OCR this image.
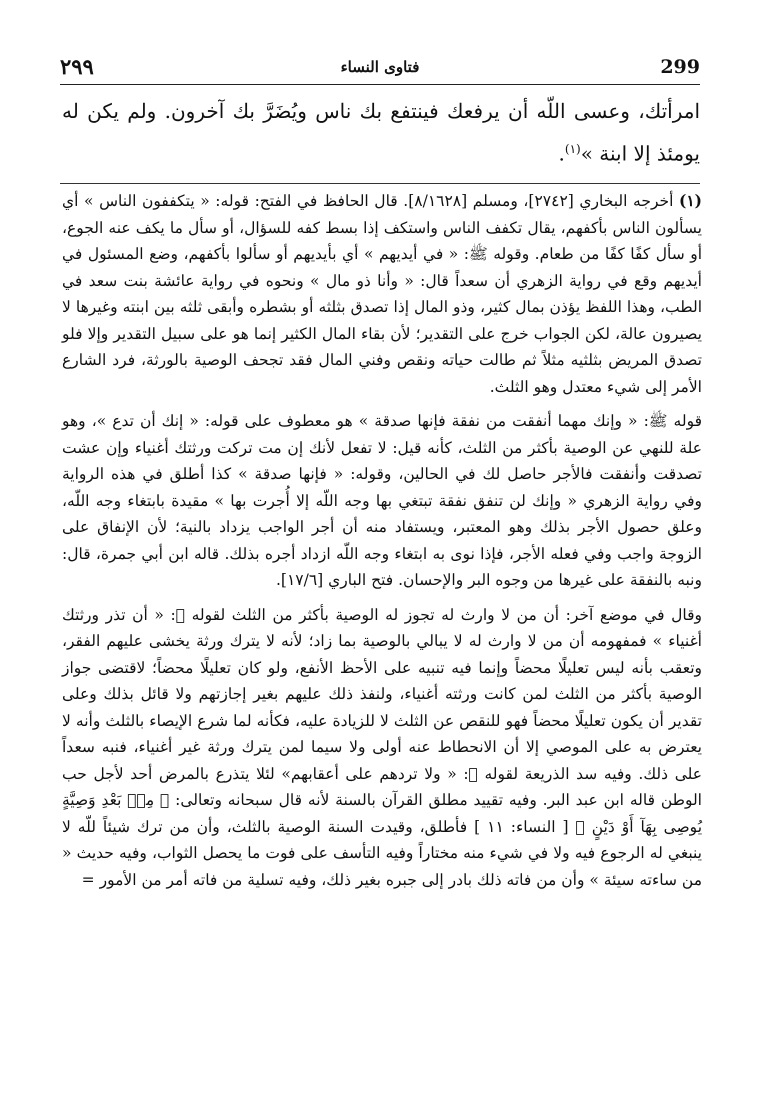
299
فتاوى النساء
٢٩٩

امرأتك، وعسى اللّه أن يرفعك فينتفع بك ناس ويُضَرَّ بك آخرون. ولم يكن له يومئذ إلا ابنة »$^{(١)}$.

(١) أخرجه البخاري [٢٧٤٢]، ومسلم [٨/١٦٢٨]. قال الحافظ في الفتح: قوله: « يتكففون الناس » أي يسألون الناس بأكفهم، يقال تكفف الناس واستكف إذا بسط كفه للسؤال، أو سأل ما يكف عنه الجوع، أو سأل كفًا كفًا من طعام. وقوله ﷺ: « في أيديهم » أي بأيديهم أو سألوا بأكفهم، وضع المسئول في أيديهم وقع في رواية الزهري أن سعداً قال: « وأنا ذو مال » ونحوه في رواية عائشة بنت سعد في الطب، وهذا اللفظ يؤذن بمال كثير، وذو المال إذا تصدق بثلثه أو بشطره وأبقى ثلثه بين ابنته وغيرها لا يصيرون عالة، لكن الجواب خرج على التقدير؛ لأن بقاء المال الكثير إنما هو على سبيل التقدير وإلا فلو تصدق المريض بثلثيه مثلاً ثم طالت حياته ونقص وفني المال فقد تجحف الوصية بالورثة، فرد الشارع الأمر إلى شيء معتدل وهو الثلث.

قوله ﷺ: « وإنك مهما أنفقت من نفقة فإنها صدقة » هو معطوف على قوله: « إنك أن تدع »، وهو علة للنهي عن الوصية بأكثر من الثلث، كأنه قيل: لا تفعل لأنك إن مت تركت ورثتك أغنياء وإن عشت تصدقت وأنفقت فالأجر حاصل لك في الحالين، وقوله: « فإنها صدقة » كذا أطلق في هذه الرواية وفي رواية الزهري « وإنك لن تنفق نفقة تبتغي بها وجه اللّه إلا أُجرت بها » مقيدة بابتغاء وجه اللّه، وعلق حصول الأجر بذلك وهو المعتبر، ويستفاد منه أن أجر الواجب يزداد بالنية؛ لأن الإنفاق على الزوجة واجب وفي فعله الأجر، فإذا نوى به ابتغاء وجه اللّه ازداد أجره بذلك. قاله ابن أبي جمرة، قال: ونبه بالنفقة على غيرها من وجوه البر والإحسان. فتح الباري [١٧/٦].

وقال في موضع آخر: أن من لا وارث له تجوز له الوصية بأكثر من الثلث لقوله ﷺ: « أن تذر ورثتك أغنياء » فمفهومه أن من لا وارث له لا يبالي بالوصية بما زاد؛ لأنه لا يترك ورثة يخشى عليهم الفقر، وتعقب بأنه ليس تعليلًا محضاً وإنما فيه تنبيه على الأحظ الأنفع، ولو كان تعليلًا محضاً؛ لاقتضى جواز الوصية بأكثر من الثلث لمن كانت ورثته أغنياء، ولنفذ ذلك عليهم بغير إجازتهم ولا قائل بذلك وعلى تقدير أن يكون تعليلًا محضاً فهو للنقص عن الثلث لا للزيادة عليه، فكأنه لما شرع الإيصاء بالثلث وأنه لا يعترض به على الموصي إلا أن الانحطاط عنه أولى ولا سيما لمن يترك ورثة غير أغنياء، فنبه سعداً على ذلك. وفيه سد الذريعة لقوله ﷺ: « ولا تردهم على أعقابهم» لئلا يتذرع بالمرض أحد لأجل حب الوطن قاله ابن عبد البر. وفيه تقييد مطلق القرآن بالسنة لأنه قال سبحانه وتعالى: ﴿ مِنۢ بَعْدِ وَصِيَّةٍ يُوصِى بِهَآ أَوْ دَيْنٍ ﴾ [ النساء: ١١ ] فأطلق، وقيدت السنة الوصية بالثلث، وأن من ترك شيئاً للّه لا ينبغي له الرجوع فيه ولا في شيء منه مختاراً وفيه التأسف على فوت ما يحصل الثواب، وفيه حديث « من ساءته سيئة » وأن من فاته ذلك بادر إلى جبره بغير ذلك، وفيه تسلية من فاته أمر من الأمور =
